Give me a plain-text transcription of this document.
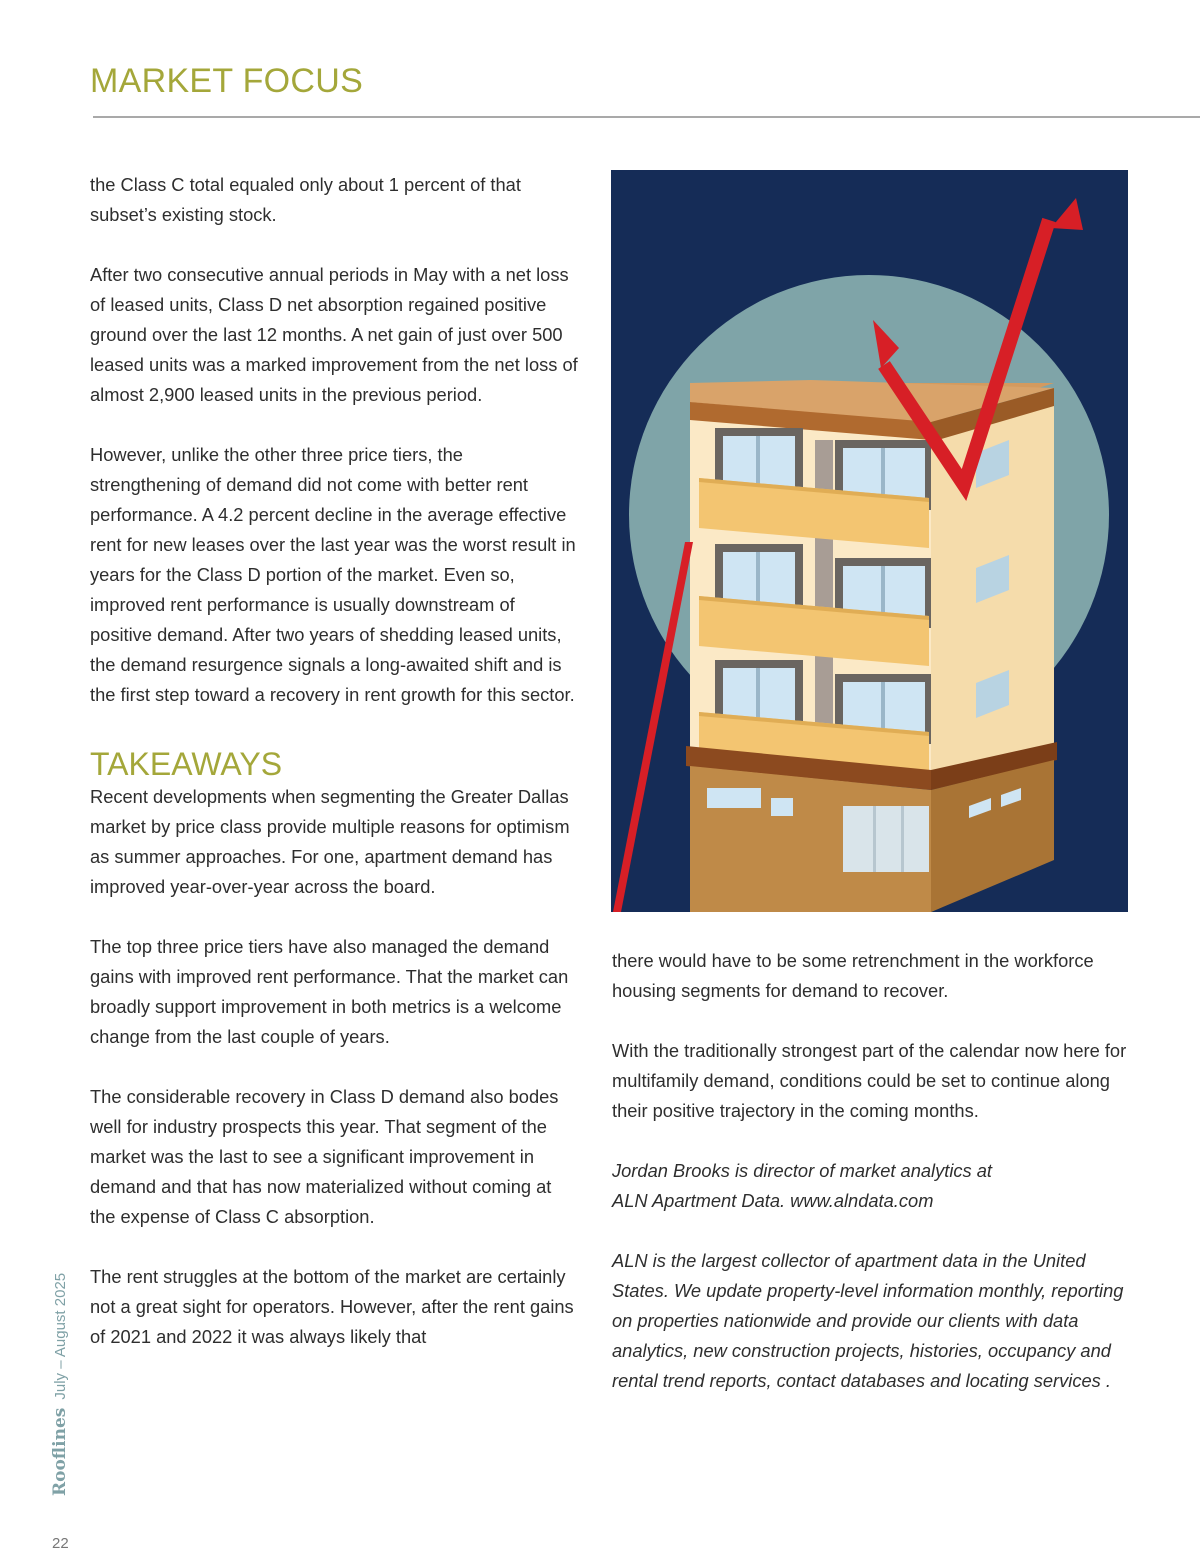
MARKET FOCUS

the Class C total equaled only about 1 percent of that subset’s existing stock.

After two consecutive annual periods in May with a net loss of leased units, Class D net absorption regained positive ground over the last 12 months. A net gain of just over 500 leased units was a marked improvement from the net loss of almost 2,900 leased units in the previous period.

However, unlike the other three price tiers, the strengthening of demand did not come with better rent performance. A 4.2 percent decline in the average effective rent for new leases over the last year was the worst result in years for the Class D portion of the market. Even so, improved rent performance is usually downstream of positive demand. After two years of shedding leased units, the demand resurgence signals a long-awaited shift and is the first step toward a recovery in rent growth for this sector.

TAKEAWAYS

Recent developments when segmenting the Greater Dallas market by price class provide multiple reasons for optimism as summer approaches. For one, apartment demand has improved year-over-year across the board.

The top three price tiers have also managed the demand gains with improved rent performance. That the market can broadly support improvement in both metrics is a welcome change from the last couple of years.

The considerable recovery in Class D demand also bodes well for industry prospects this year. That segment of the market was the last to see a significant improvement in demand and that has now materialized without coming at the expense of Class C absorption.

The rent struggles at the bottom of the market are certainly not a great sight for operators. However, after the rent gains of 2021 and 2022 it was always likely that

there would have to be some retrenchment in the workforce housing segments for demand to recover.

With the traditionally strongest part of the calendar now here for multifamily demand, conditions could be set to continue along their positive trajectory in the coming months.

Jordan Brooks is director of market analytics at
ALN Apartment Data. www.alndata.com

ALN is the largest collector of apartment data in the United States. We update property-level information monthly, reporting on properties nationwide and provide our clients with data analytics, new construction projects, histories, occupancy and rental trend reports, contact databases and locating services .

RooflinesJuly – August 2025
22
